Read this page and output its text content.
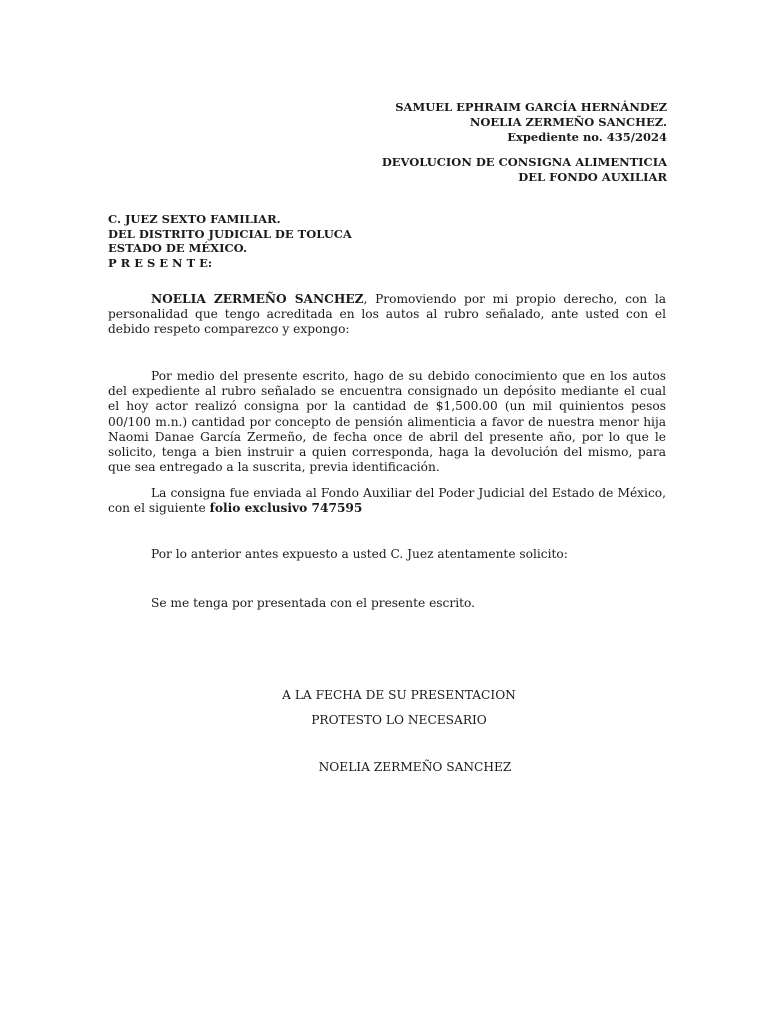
SAMUEL EPHRAIM GARCÍA HERNÁNDEZ
NOELIA ZERMEÑO SANCHEZ.
Expediente no. 435/2024
DEVOLUCION DE CONSIGNA ALIMENTICIA
DEL FONDO AUXILIAR
C. JUEZ SEXTO FAMILIAR.
DEL DISTRITO JUDICIAL DE TOLUCA
ESTADO DE MÉXICO.
P R E S E N T E:

NOELIA ZERMEÑO SANCHEZ, Promoviendo por mi propio derecho, con la personalidad que tengo acreditada en los autos al rubro señalado, ante usted con el debido respeto comparezco y expongo:

Por medio del presente escrito, hago de su debido conocimiento que en los autos del expediente al rubro señalado se encuentra consignado un depósito mediante el cual el hoy actor realizó consigna por la cantidad de $1,500.00 (un mil quinientos pesos 00/100 m.n.) cantidad por concepto de pensión alimenticia a favor de nuestra menor hija Naomi Danae García Zermeño, de fecha once de abril del presente año, por lo que le solicito, tenga a bien instruir a quien corresponda, haga la devolución del mismo, para que sea entregado a la suscrita, previa identificación.

La consigna fue enviada al Fondo Auxiliar del Poder Judicial del Estado de México, con el siguiente folio exclusivo 747595

Por lo anterior antes expuesto a usted C. Juez atentamente solicito:
Se me tenga por presentada con el presente escrito.
A LA FECHA DE SU PRESENTACION
PROTESTO LO NECESARIO
NOELIA ZERMEÑO SANCHEZ
